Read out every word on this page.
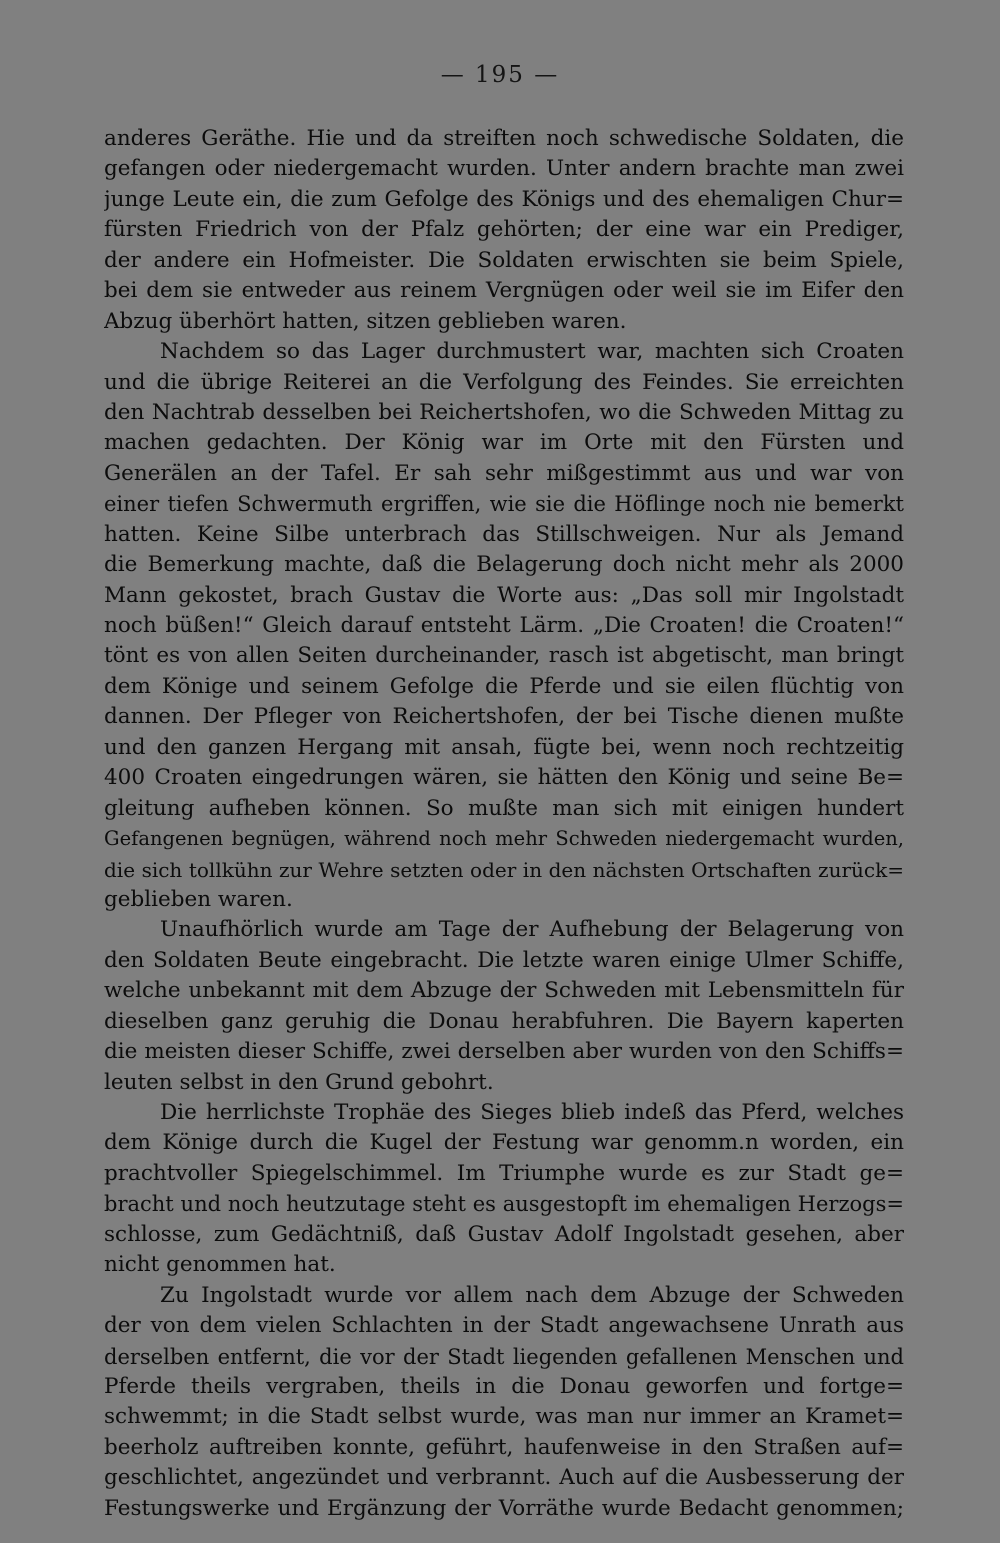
— 195 —
anderes Geräthe. Hie und da streiften noch schwedische Soldaten, die
gefangen oder niedergemacht wurden. Unter andern brachte man zwei
junge Leute ein, die zum Gefolge des Königs und des ehemaligen Chur=
fürsten Friedrich von der Pfalz gehörten; der eine war ein Prediger,
der andere ein Hofmeister. Die Soldaten erwischten sie beim Spiele,
bei dem sie entweder aus reinem Vergnügen oder weil sie im Eifer den
Abzug überhört hatten, sitzen geblieben waren.
Nachdem so das Lager durchmustert war, machten sich Croaten
und die übrige Reiterei an die Verfolgung des Feindes. Sie erreichten
den Nachtrab desselben bei Reichertshofen, wo die Schweden Mittag zu
machen gedachten. Der König war im Orte mit den Fürsten und
Generälen an der Tafel. Er sah sehr mißgestimmt aus und war von
einer tiefen Schwermuth ergriffen, wie sie die Höflinge noch nie bemerkt
hatten. Keine Silbe unterbrach das Stillschweigen. Nur als Jemand
die Bemerkung machte, daß die Belagerung doch nicht mehr als 2000
Mann gekostet, brach Gustav die Worte aus: „Das soll mir Ingolstadt
noch büßen!“ Gleich darauf entsteht Lärm. „Die Croaten! die Croaten!“
tönt es von allen Seiten durcheinander, rasch ist abgetischt, man bringt
dem Könige und seinem Gefolge die Pferde und sie eilen flüchtig von
dannen. Der Pfleger von Reichertshofen, der bei Tische dienen mußte
und den ganzen Hergang mit ansah, fügte bei, wenn noch rechtzeitig
400 Croaten eingedrungen wären, sie hätten den König und seine Be=
gleitung aufheben können. So mußte man sich mit einigen hundert
Gefangenen begnügen, während noch mehr Schweden niedergemacht wurden,
die sich tollkühn zur Wehre setzten oder in den nächsten Ortschaften zurück=
geblieben waren.
Unaufhörlich wurde am Tage der Aufhebung der Belagerung von
den Soldaten Beute eingebracht. Die letzte waren einige Ulmer Schiffe,
welche unbekannt mit dem Abzuge der Schweden mit Lebensmitteln für
dieselben ganz geruhig die Donau herabfuhren. Die Bayern kaperten
die meisten dieser Schiffe, zwei derselben aber wurden von den Schiffs=
leuten selbst in den Grund gebohrt.
Die herrlichste Trophäe des Sieges blieb indeß das Pferd, welches
dem Könige durch die Kugel der Festung war genomm.n worden, ein
prachtvoller Spiegelschimmel. Im Triumphe wurde es zur Stadt ge=
bracht und noch heutzutage steht es ausgestopft im ehemaligen Herzogs=
schlosse, zum Gedächtniß, daß Gustav Adolf Ingolstadt gesehen, aber
nicht genommen hat.
Zu Ingolstadt wurde vor allem nach dem Abzuge der Schweden
der von dem vielen Schlachten in der Stadt angewachsene Unrath aus
derselben entfernt, die vor der Stadt liegenden gefallenen Menschen und
Pferde theils vergraben, theils in die Donau geworfen und fortge=
schwemmt; in die Stadt selbst wurde, was man nur immer an Kramet=
beerholz auftreiben konnte, geführt, haufenweise in den Straßen auf=
geschlichtet, angezündet und verbrannt. Auch auf die Ausbesserung der
Festungswerke und Ergänzung der Vorräthe wurde Bedacht genommen;
